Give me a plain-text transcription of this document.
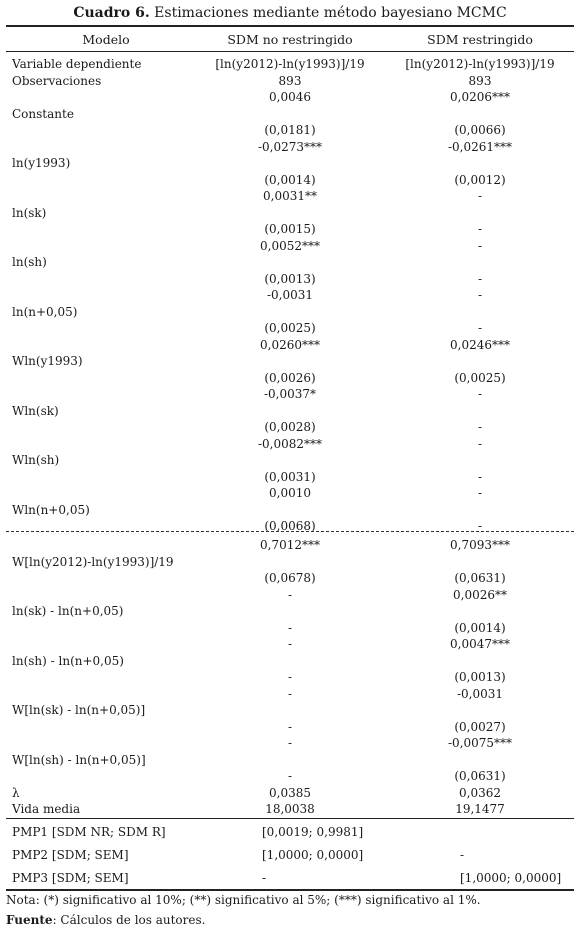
Cuadro 6. Estimaciones mediante método bayesiano MCMC
Modelo	SDM no restringido	SDM restringido
Variable dependiente	[ln(y2012)-ln(y1993)]/19	[ln(y2012)-ln(y1993)]/19
Observaciones	893	893
0,0046	0,0206***
Constante
(0,0181)	(0,0066)
-0,0273***	-0,0261***
ln(y1993)
(0,0014)	(0,0012)
0,0031**	-
ln(sk)
(0,0015)	-
0,0052***	-
ln(sh)
(0,0013)	-
-0,0031	-
ln(n+0,05)
(0,0025)	-
0,0260***	0,0246***
Wln(y1993)
(0,0026)	(0,0025)
-0,0037*	-
Wln(sk)
(0,0028)	-
-0,0082***	-
Wln(sh)
(0,0031)	-
0,0010	-
Wln(n+0,05)
(0,0068)	-
0,7012***	0,7093***
W[ln(y2012)-ln(y1993)]/19
(0,0678)	(0,0631)
-	0,0026**
ln(sk) - ln(n+0,05)
-	(0,0014)
-	0,0047***
ln(sh) - ln(n+0,05)
-	(0,0013)
-	-0,0031
W[ln(sk) - ln(n+0,05)]
-	(0,0027)
-	-0,0075***
W[ln(sh) - ln(n+0,05)]
-	(0,0631)
λ	0,0385	0,0362
Vida media	18,0038	19,1477
PMP1 [SDM NR; SDM R]	[0,0019; 0,9981]
PMP2 [SDM; SEM]	[1,0000; 0,0000]	-
PMP3 [SDM; SEM]	-	[1,0000; 0,0000]
Nota: (*) significativo al 10%; (**) significativo al 5%; (***) significativo al 1%.
Fuente: Cálculos de los autores.
